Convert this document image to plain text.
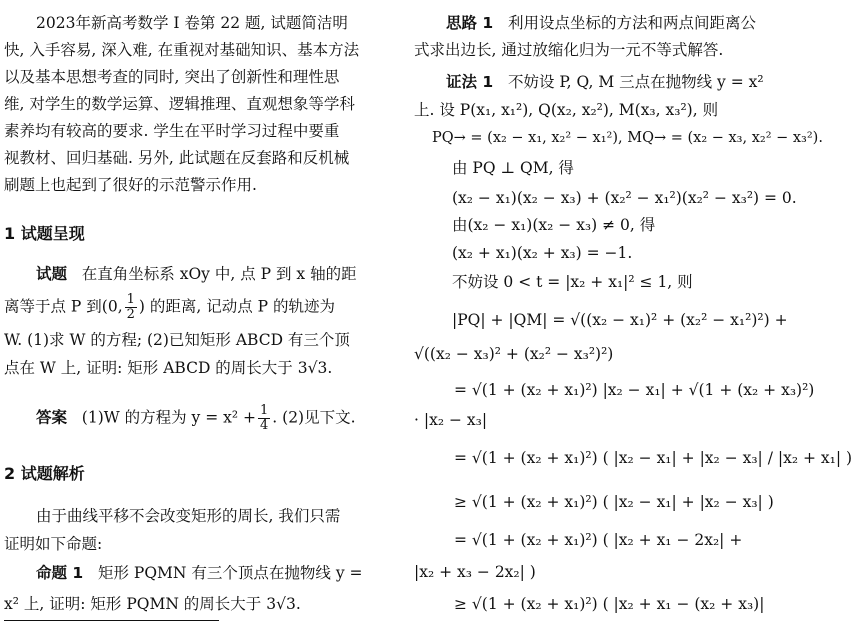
2023年新高考数学 Ⅰ 卷第 22 题, 试题简洁明
快, 入手容易, 深入难, 在重视对基础知识、基本方法
以及基本思想考查的同时, 突出了创新性和理性思
维, 对学生的数学运算、逻辑推理、直观想象等学科
素养均有较高的要求. 学生在平时学习过程中要重
视教材、回归基础. 另外, 此试题在反套路和反机械
刷题上也起到了很好的示范警示作用.
1 试题呈现
试题 在直角坐标系 xOy 中, 点 P 到 x 轴的距
离等于点 P 到(0, $\frac{1}{2}$ ) 的距离, 记动点 P 的轨迹为
W. (1)求 W 的方程; (2)已知矩形 ABCD 有三个顶
点在 W 上, 证明: 矩形 ABCD 的周长大于 3√3.
答案 (1)W 的方程为 $y = x^2 + \frac{1}{4}$ . (2)见下文.
2 试题解析
由于曲线平移不会改变矩形的周长, 我们只需
证明如下命题:
命题 1 矩形 PQMN 有三个顶点在抛物线 y =
x² 上, 证明: 矩形 PQMN 的周长大于 3√3.
思路 1 利用设点坐标的方法和两点间距离公
式求出边长, 通过放缩化归为一元不等式解答.
证法 1 不妨设 P, Q, M 三点在抛物线 y = x²
上. 设 P(x₁, x₁²), Q(x₂, x₂²), M(x₃, x₃²), 则
PQ→ = (x₂ − x₁, x₂² − x₁²), MQ→ = (x₂ − x₃, x₂² − x₃²).
由 PQ ⊥ QM, 得
(x₂ − x₁)(x₂ − x₃) + (x₂² − x₁²)(x₂² − x₃²) = 0.
由(x₂ − x₁)(x₂ − x₃) ≠ 0, 得
(x₂ + x₁)(x₂ + x₃) = −1.
不妨设 0 < t = |x₂ + x₁|² ≤ 1, 则
|PQ| + |QM| = √((x₂ − x₁)² + (x₂² − x₁²)²) +
√((x₂ − x₃)² + (x₂² − x₃²)²)
= √(1 + (x₂ + x₁)²) |x₂ − x₁| + √(1 + (x₂ + x₃)²)
· |x₂ − x₃|
= √(1 + (x₂ + x₁)²) ( |x₂ − x₁| + |x₂ − x₃| / |x₂ + x₁| )
≥ √(1 + (x₂ + x₁)²) ( |x₂ − x₁| + |x₂ − x₃| )
= √(1 + (x₂ + x₁)²) ( |x₂ + x₁ − 2x₂| +
|x₂ + x₃ − 2x₂| )
≥ √(1 + (x₂ + x₁)²) ( |x₂ + x₁ − (x₂ + x₃)|
